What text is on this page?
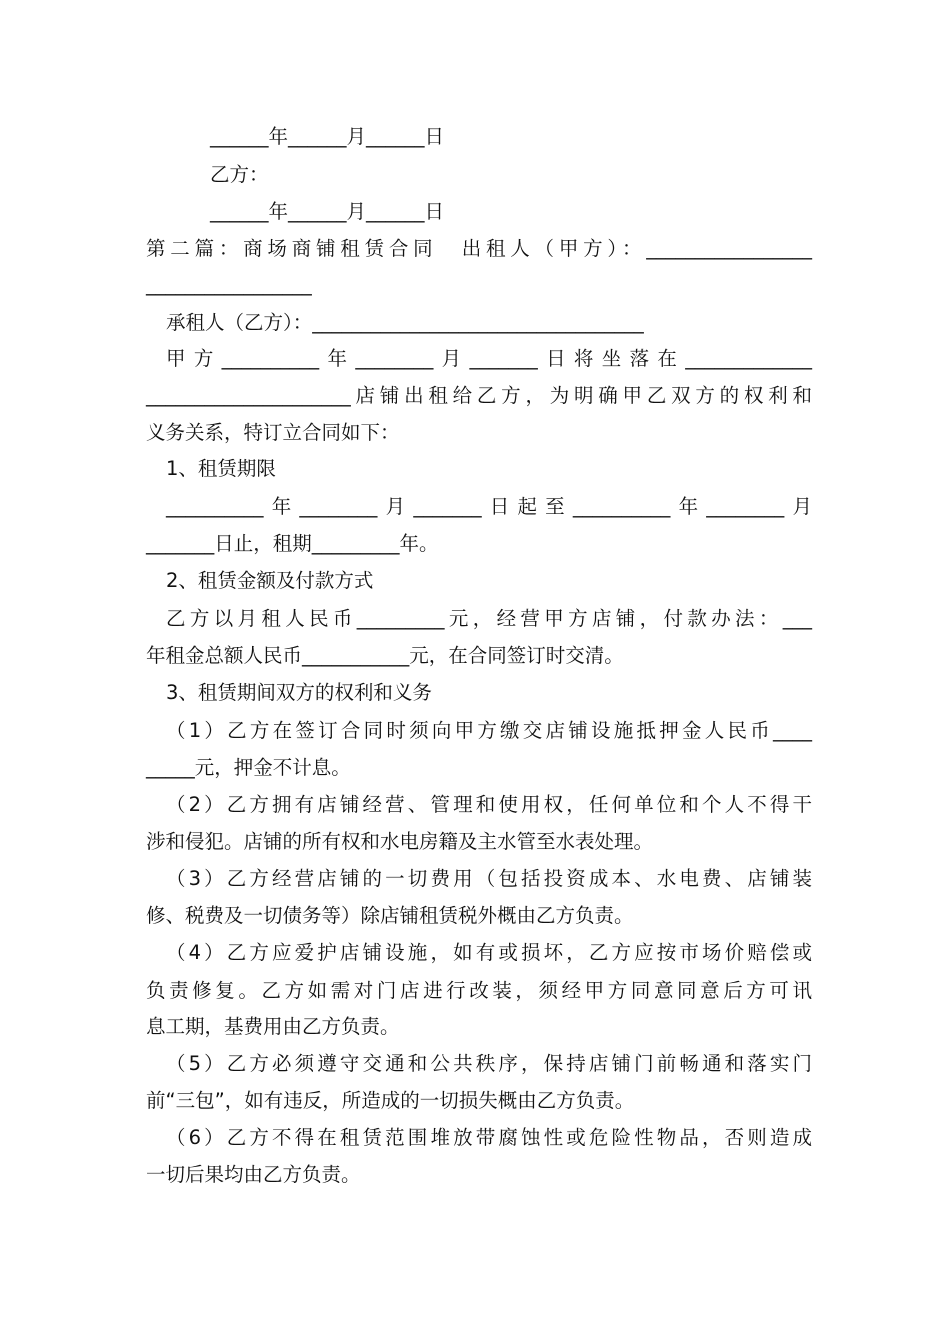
______年______月______日
乙方：
______年______月______日
第二篇：商场商铺租赁合同　出租人（甲方）：_________________
_________________
承租人（乙方）：__________________________________
甲方__________年________月_______日将坐落在_____________
_____________________店铺出租给乙方，为明确甲乙双方的权利和
义务关系，特订立合同如下：
1、租赁期限
__________年________月_______日起至__________年________月
_______日止，租期_________年。
2、租赁金额及付款方式
乙方以月租人民币_________元，经营甲方店铺，付款办法：___
年租金总额人民币___________元，在合同签订时交清。
3、租赁期间双方的权利和义务
（1）乙方在签订合同时须向甲方缴交店铺设施抵押金人民币____
_____元，押金不计息。
（2）乙方拥有店铺经营、管理和使用权，任何单位和个人不得干
涉和侵犯。店铺的所有权和水电房籍及主水管至水表处理。
（3）乙方经营店铺的一切费用（包括投资成本、水电费、店铺装
修、税费及一切债务等）除店铺租赁税外概由乙方负责。
（4）乙方应爱护店铺设施，如有或损坏，乙方应按市场价赔偿或
负责修复。乙方如需对门店进行改装，须经甲方同意同意后方可讯
息工期，基费用由乙方负责。
（5）乙方必须遵守交通和公共秩序，保持店铺门前畅通和落实门
前“三包”，如有违反，所造成的一切损失概由乙方负责。
（6）乙方不得在租赁范围堆放带腐蚀性或危险性物品，否则造成
一切后果均由乙方负责。
